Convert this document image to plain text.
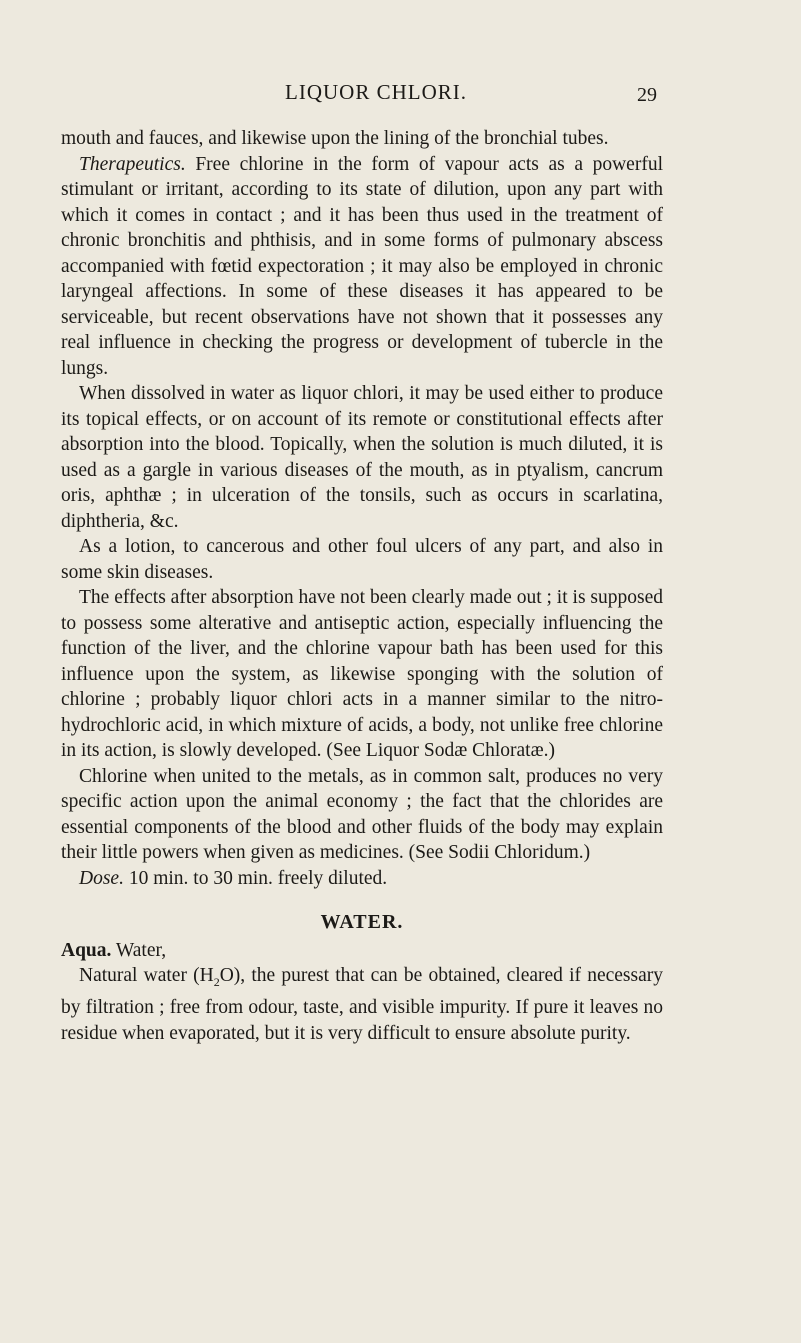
LIQUOR CHLORI.	29

mouth and fauces, and likewise upon the lining of the bronchial tubes.

Therapeutics. Free chlorine in the form of vapour acts as a powerful stimulant or irritant, according to its state of dilution, upon any part with which it comes in contact ; and it has been thus used in the treatment of chronic bronchitis and phthisis, and in some forms of pulmonary abscess accompanied with fœtid expectoration ; it may also be employed in chronic laryngeal affections. In some of these diseases it has appeared to be serviceable, but recent observations have not shown that it possesses any real influence in checking the progress or development of tubercle in the lungs.

When dissolved in water as liquor chlori, it may be used either to produce its topical effects, or on account of its remote or constitutional effects after absorption into the blood. Topically, when the solution is much diluted, it is used as a gargle in various diseases of the mouth, as in ptyalism, cancrum oris, aphthæ ; in ulceration of the tonsils, such as occurs in scarlatina, diphtheria, &c.

As a lotion, to cancerous and other foul ulcers of any part, and also in some skin diseases.

The effects after absorption have not been clearly made out ; it is supposed to possess some alterative and antiseptic action, especially influencing the function of the liver, and the chlorine vapour bath has been used for this influence upon the system, as likewise sponging with the solution of chlorine ; probably liquor chlori acts in a manner similar to the nitro-hydrochloric acid, in which mixture of acids, a body, not unlike free chlorine in its action, is slowly developed. (See Liquor Sodæ Chloratæ.)

Chlorine when united to the metals, as in common salt, produces no very specific action upon the animal economy ; the fact that the chlorides are essential components of the blood and other fluids of the body may explain their little powers when given as medicines. (See Sodii Chloridum.)

Dose. 10 min. to 30 min. freely diluted.

WATER.

Aqua. Water,

Natural water $(H_2O)$, the purest that can be obtained, cleared if necessary by filtration ; free from odour, taste, and visible impurity. If pure it leaves no residue when evaporated, but it is very difficult to ensure absolute purity.
